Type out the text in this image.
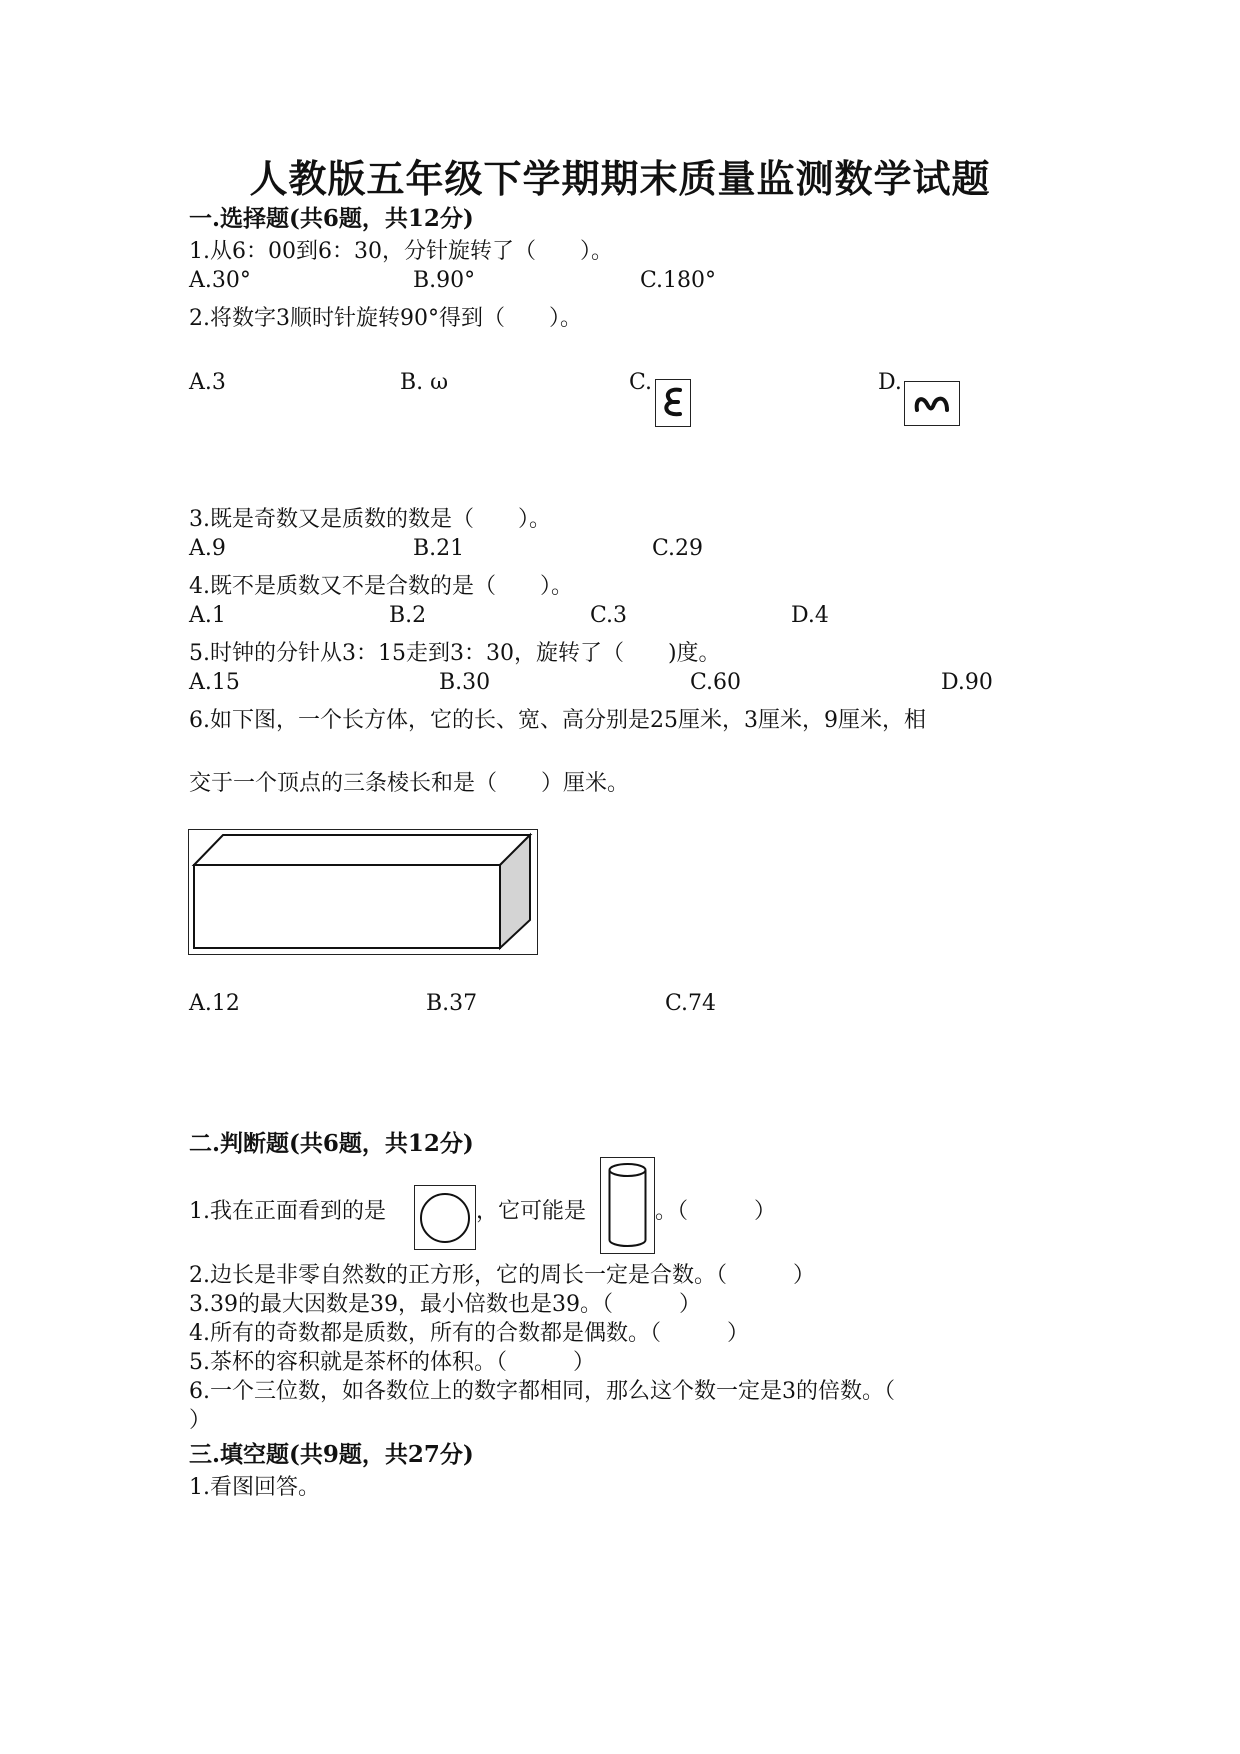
人教版五年级下学期期末质量监测数学试题
一.选择题(共6题，共12分)
1.从6：00到6：30，分针旋转了（　　）。
A.30°	B.90°	C.180°
2.将数字3顺时针旋转90°得到（　　）。
A.3	B. ω	C.	D.
3.既是奇数又是质数的数是（　　）。
A.9	B.21	C.29
4.既不是质数又不是合数的是（　　）。
A.1	B.2	C.3	D.4
5.时钟的分针从3：15走到3：30，旋转了（　　)度。
A.15	B.30	C.60	D.90
6.如下图，一个长方体，它的长、宽、高分别是25厘米，3厘米，9厘米，相
交于一个顶点的三条棱长和是（　　）厘米。
A.12	B.37	C.74
二.判断题(共6题，共12分)
1.我在正面看到的是	，它可能是	。（　　　）
2.边长是非零自然数的正方形，它的周长一定是合数。（　　　）
3.39的最大因数是39，最小倍数也是39。（　　　）
4.所有的奇数都是质数，所有的合数都是偶数。（　　　）
5.茶杯的容积就是茶杯的体积。（　　　）
6.一个三位数，如各数位上的数字都相同，那么这个数一定是3的倍数。（
）
三.填空题(共9题，共27分)
1.看图回答。
